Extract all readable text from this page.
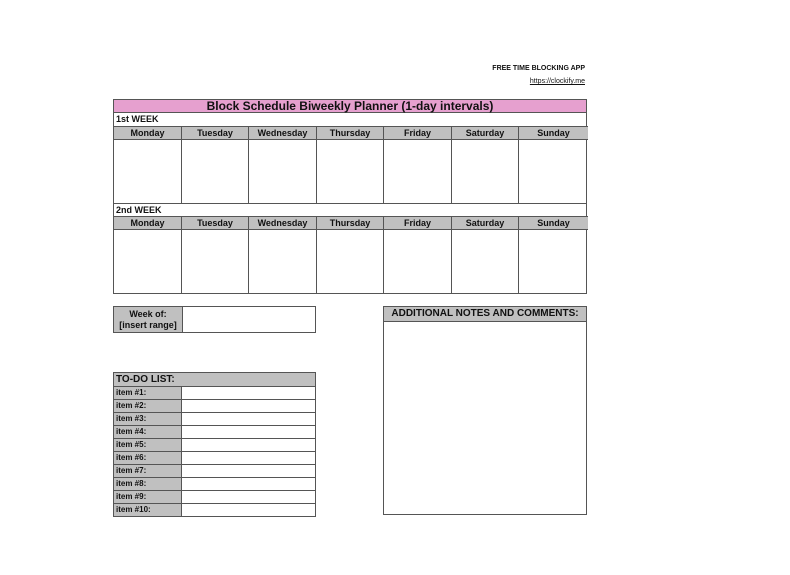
FREE TIME BLOCKING APP
https://clockify.me
Block Schedule Biweekly Planner (1-day intervals)
1st WEEK
Monday	Tuesday	Wednesday	Thursday	Friday	Saturday	Sunday
2nd WEEK
Monday	Tuesday	Wednesday	Thursday	Friday	Saturday	Sunday
Week of:
[insert range]
ADDITIONAL NOTES AND COMMENTS:
TO-DO LIST:
item #1:
item #2:
item #3:
item #4:
item #5:
item #6:
item #7:
item #8:
item #9:
item #10:
